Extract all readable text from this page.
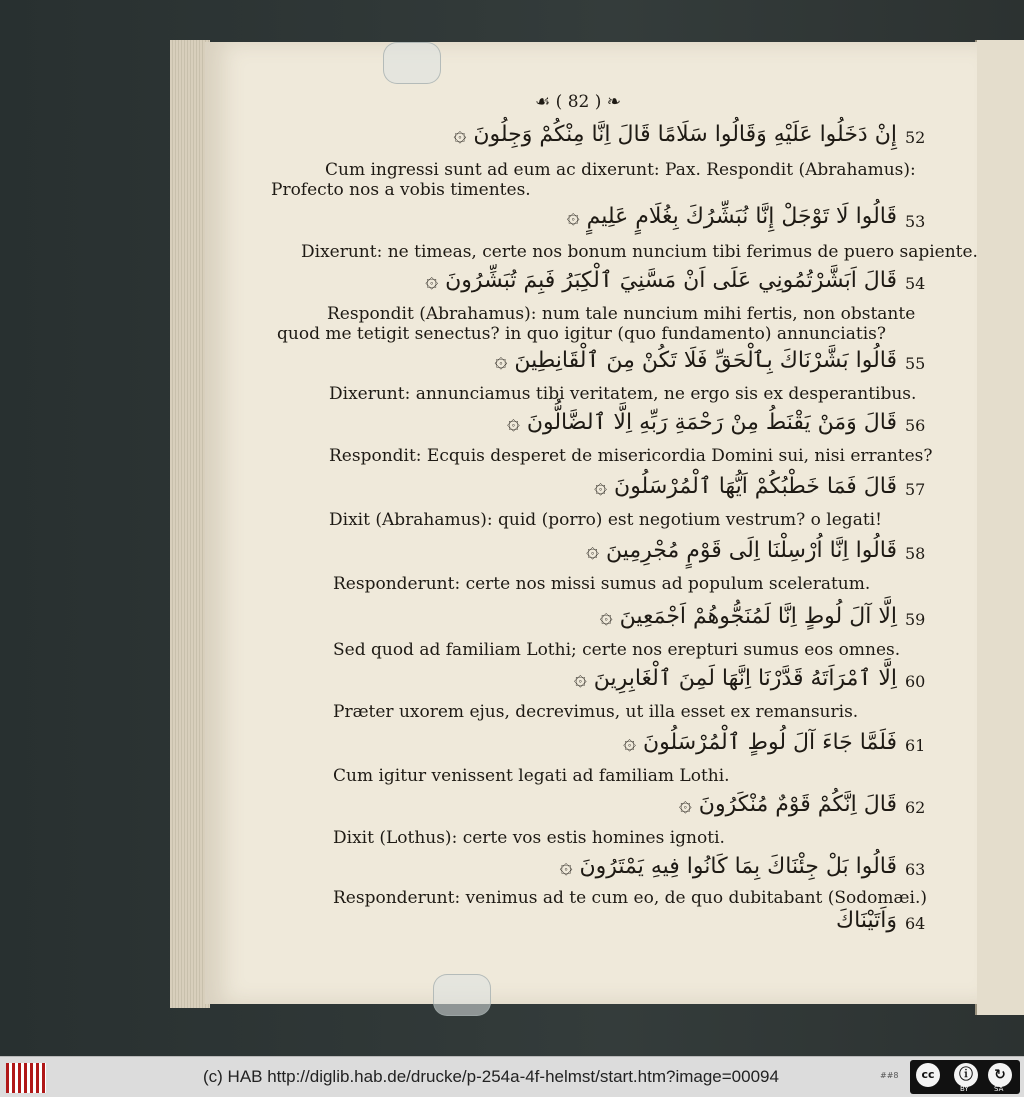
☙ ( 82 ) ❧
إِنْ دَخَلُوا عَلَيْهِ وَقَالُوا سَلَامًا قَالَ اِنَّا مِنْكُمْ وَجِلُونَ ۞ 52
Cum ingressi sunt ad eum ac dixerunt: Pax. Respondit (Abrahamus):
Profecto nos a vobis timentes.
قَالُوا لَا تَوْجَلْ إِنَّا نُبَشِّرُكَ بِغُلَامٍ عَلِيمٍ ۞ 53
Dixerunt: ne timeas, certe nos bonum nuncium tibi ferimus de puero sapiente.
قَالَ اَبَشَّرْتُمُونِي عَلَى اَنْ مَسَّنِيَ ٱلْكِبَرُ فَبِمَ تُبَشِّرُونَ ۞ 54
Respondit (Abrahamus): num tale nuncium mihi fertis, non obstante
quod me tetigit senectus? in quo igitur (quo fundamento) annunciatis?
قَالُوا بَشَّرْنَاكَ بِٱلْحَقِّ فَلَا تَكُنْ مِنَ ٱلْقَانِطِينَ ۞ 55
Dixerunt: annunciamus tibi veritatem, ne ergo sis ex desperantibus.
قَالَ وَمَنْ يَقْنَطُ مِنْ رَحْمَةِ رَبِّهِ اِلَّا ٱلضَّالُّونَ ۞ 56
Respondit: Ecquis desperet de misericordia Domini sui, nisi errantes?
قَالَ فَمَا خَطْبُكُمْ اَيُّهَا ٱلْمُرْسَلُونَ ۞ 57
Dixit (Abrahamus): quid (porro) est negotium vestrum? o legati!
قَالُوا اِنَّا اُرْسِلْنَا اِلَى قَوْمٍ مُجْرِمِينَ ۞ 58
Responderunt: certe nos missi sumus ad populum sceleratum.
اِلَّا آلَ لُوطٍ اِنَّا لَمُنَجُّوهُمْ اَجْمَعِينَ ۞ 59
Sed quod ad familiam Lothi; certe nos erepturi sumus eos omnes.
اِلَّا ٱمْرَاَتَهُ قَدَّرْنَا اِنَّهَا لَمِنَ ٱلْغَابِرِينَ ۞ 60
Præter uxorem ejus, decrevimus, ut illa esset ex remansuris.
فَلَمَّا جَاءَ آلَ لُوطٍ ٱلْمُرْسَلُونَ ۞ 61
Cum igitur venissent legati ad familiam Lothi.
قَالَ اِنَّكُمْ قَوْمٌ مُنْكَرُونَ ۞ 62
Dixit (Lothus): certe vos estis homines ignoti.
قَالُوا بَلْ جِئْنَاكَ بِمَا كَانُوا فِيهِ يَمْتَرُونَ ۞ 63
Responderunt: venimus ad te cum eo, de quo dubitabant (Sodomæi.)
وَاَتَيْنَاكَ 64
(c) HAB http://diglib.hab.de/drucke/p-254a-4f-helmst/start.htm?image=00094	##8	cc	ⓘ	↻
BY	SA
